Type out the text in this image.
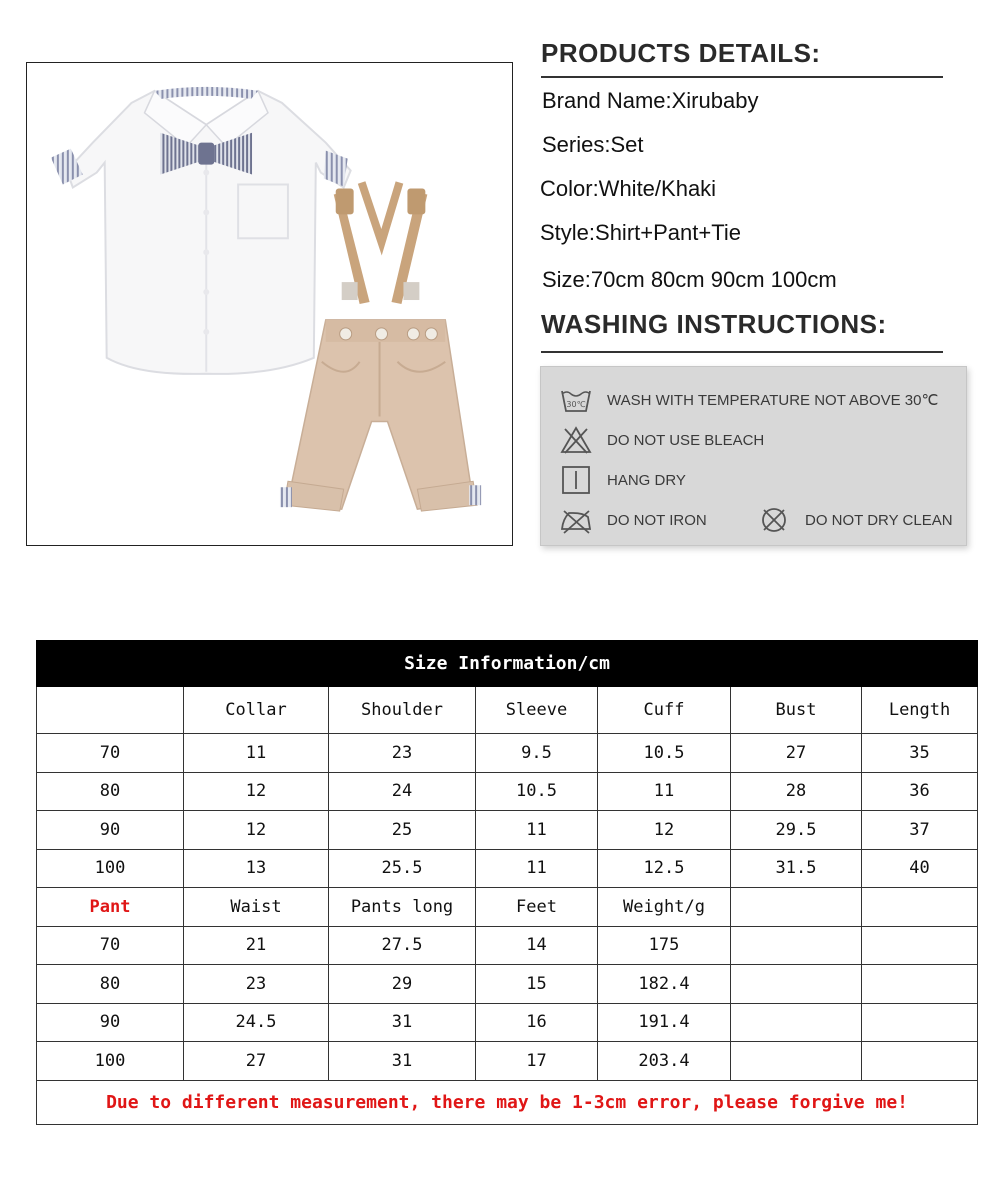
PRODUCTS DETAILS:
Brand Name:Xirubaby
Series:Set
Color:White/Khaki
Style:Shirt+Pant+Tie
Size:70cm 80cm 90cm 100cm
WASHING INSTRUCTIONS:
30℃ WASH WITH TEMPERATURE NOT ABOVE 30℃
DO NOT USE BLEACH
HANG DRY
DO NOT IRON	DO NOT DRY CLEAN
Size Information/cm						
	Collar	Shoulder	Sleeve	Cuff	Bust	Length
70	11	23	9.5	10.5	27	35
80	12	24	10.5	11	28	36
90	12	25	11	12	29.5	37
100	13	25.5	11	12.5	31.5	40
Pant	Waist	Pants long	Feet	Weight/g		
70	21	27.5	14	175		
80	23	29	15	182.4		
90	24.5	31	16	191.4		
100	27	31	17	203.4		
Due to different measurement, there may be 1-3cm error, please forgive me!						
